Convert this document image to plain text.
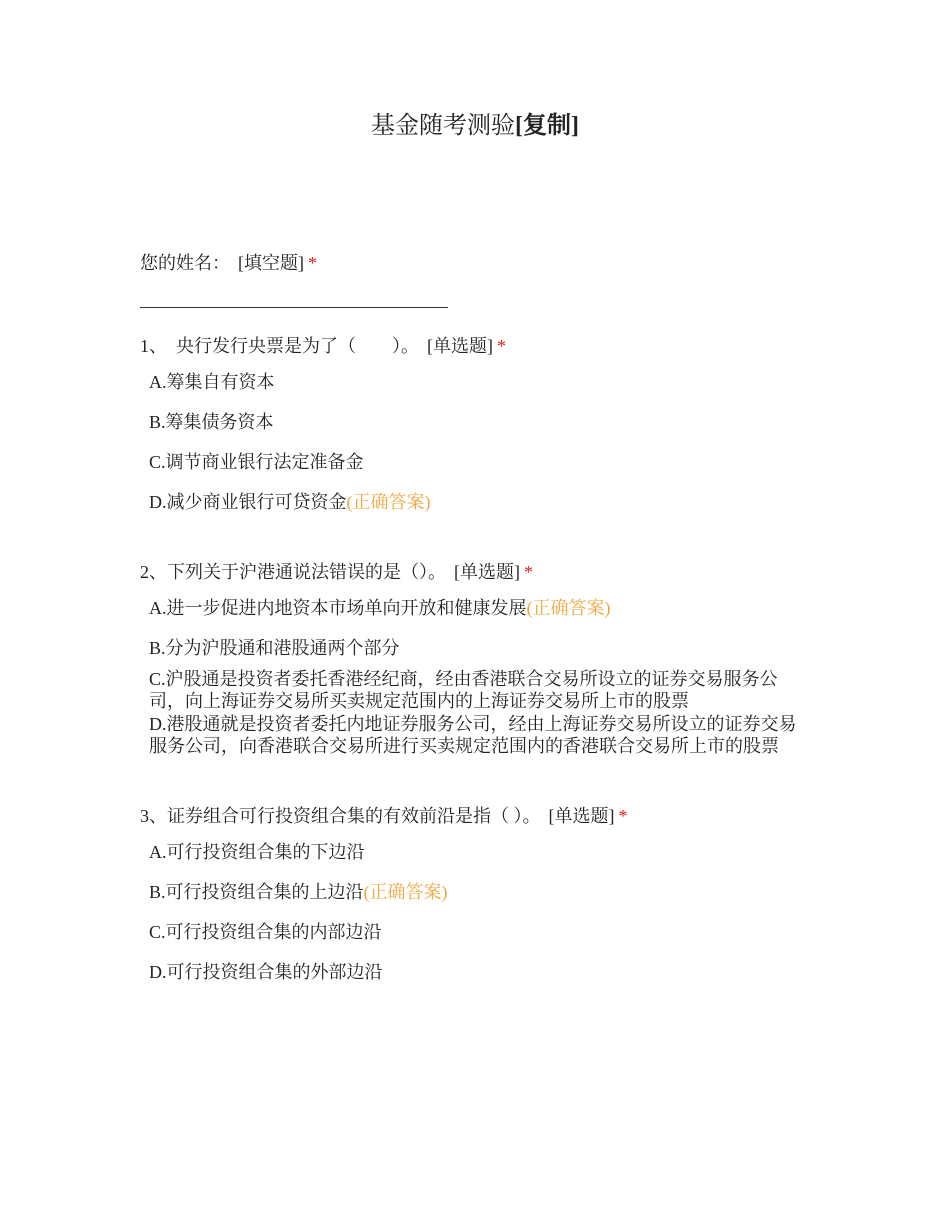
基金随考测验[复制]

您的姓名： [填空题] *

1、 央行发行央票是为了（　　）。 [单选题] *

A.筹集自有资本
B.筹集债务资本
C.调节商业银行法定准备金
D.减少商业银行可贷资金(正确答案)

2、下列关于沪港通说法错误的是（）。 [单选题] *

A.进一步促进内地资本市场单向开放和健康发展(正确答案)
B.分为沪股通和港股通两个部分
C.沪股通是投资者委托香港经纪商，经由香港联合交易所设立的证券交易服务公司，向上海证券交易所买卖规定范围内的上海证券交易所上市的股票
D.港股通就是投资者委托内地证券服务公司，经由上海证券交易所设立的证券交易服务公司，向香港联合交易所进行买卖规定范围内的香港联合交易所上市的股票

3、证券组合可行投资组合集的有效前沿是指（ ）。 [单选题] *

A.可行投资组合集的下边沿
B.可行投资组合集的上边沿(正确答案)
C.可行投资组合集的内部边沿
D.可行投资组合集的外部边沿
